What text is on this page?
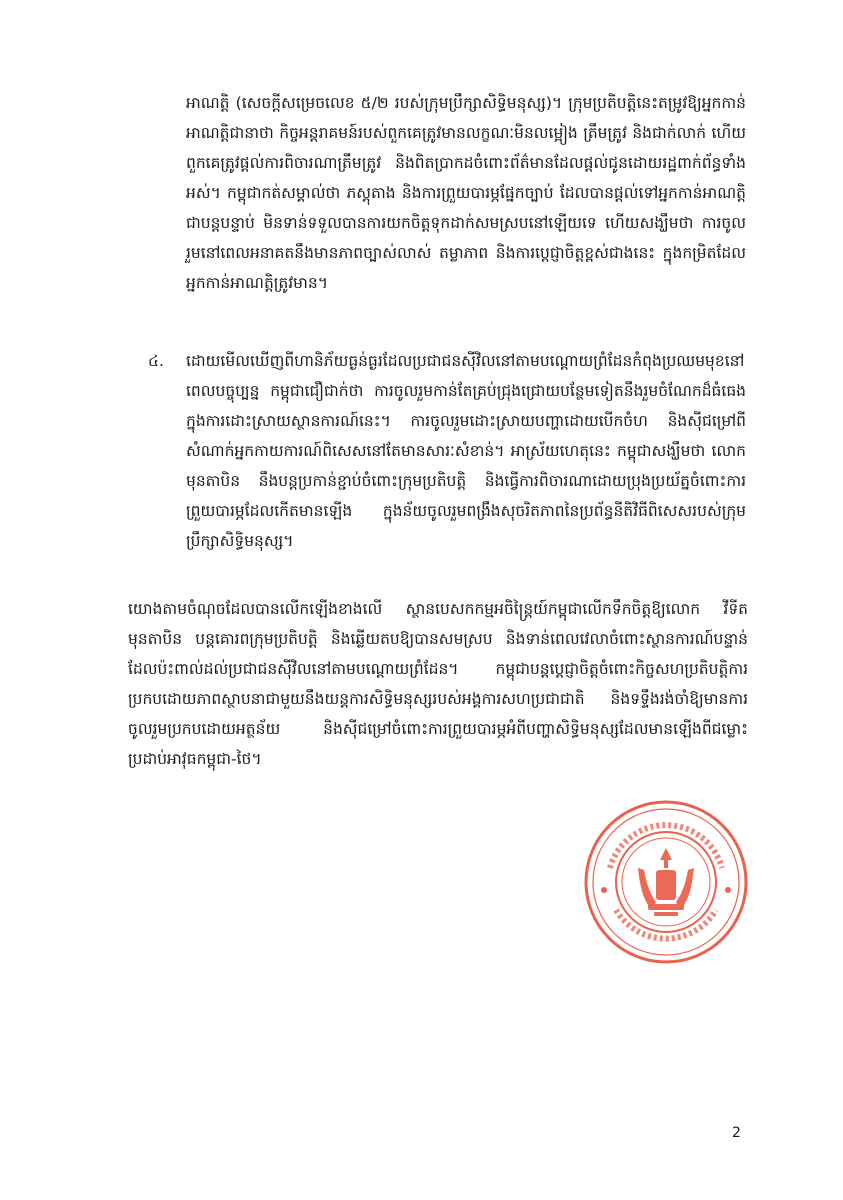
អាណត្តិ (សេចក្តីសម្រេចលេខ ៥/២ របស់ក្រុមប្រឹក្សាសិទ្ធិមនុស្ស)។ ក្រុមប្រតិបត្តិនេះតម្រូវឱ្យអ្នកកាន់អាណត្តិជានាថា កិច្ចអន្តរាគមន៍របស់ពួកគេត្រូវមានលក្ខណៈមិនលម្អៀង ត្រឹមត្រូវ និងជាក់លាក់ ហើយពួកគេត្រូវផ្តល់ការពិចារណាត្រឹមត្រូវ និងពិតប្រាកដចំពោះព័ត៌មានដែលផ្តល់ជូនដោយរដ្ឋពាក់ព័ន្ធទាំងអស់។ កម្ពុជាកត់សម្គាល់ថា ភស្តុតាង និងការព្រួយបារម្ភផ្នែកច្បាប់ ដែលបានផ្តល់ទៅអ្នកកាន់អាណត្តិជាបន្តបន្ទាប់ មិនទាន់ទទួលបានការយកចិត្តទុកដាក់សមស្របនៅឡើយទេ ហើយសង្ឃឹមថា ការចូលរួមនៅពេលអនាគតនឹងមានភាពច្បាស់លាស់ តម្លាភាព និងការប្តេជ្ញាចិត្តខ្ពស់ជាងនេះ ក្នុងកម្រិតដែលអ្នកកាន់អាណត្តិត្រូវមាន។

៤. ដោយមើលឃើញពីហានិភ័យធ្ងន់ធ្ងរដែលប្រជាជនស៊ីវិលនៅតាមបណ្តោយព្រំដែនកំពុងប្រឈមមុខនៅពេលបច្ចុប្បន្ន កម្ពុជាជឿជាក់ថា ការចូលរួមកាន់តែគ្រប់ជ្រុងជ្រោយបន្ថែមទៀតនឹងរួមចំណែកដ៏ធំធេងក្នុងការដោះស្រាយស្ថានការណ៍នេះ។ ការចូលរួមដោះស្រាយបញ្ហាដោយបើកចំហ និងស៊ីជម្រៅពីសំណាក់អ្នកកាយការណ៍ពិសេសនៅតែមានសារៈសំខាន់។ អាស្រ័យហេតុនេះ កម្ពុជាសង្ឃឹមថា លោក មុនតាបិន នឹងបន្តប្រកាន់ខ្ជាប់ចំពោះក្រុមប្រតិបត្តិ និងធ្វើការពិចារណាដោយប្រុងប្រយ័ត្នចំពោះការព្រួយបារម្ភដែលកើតមានឡើង ក្នុងន័យចូលរួមពង្រឹងសុចរិតភាពនៃប្រព័ន្ធនីតិវិធីពិសេសរបស់ក្រុមប្រឹក្សាសិទ្ធិមនុស្ស។

យោងតាមចំណុចដែលបានលើកឡើងខាងលើ ស្ថានបេសកកម្មអចិន្ត្រៃយ៍កម្ពុជាលើកទឹកចិត្តឱ្យលោក វីទីត មុនតាបិន បន្តគោរពក្រុមប្រតិបត្តិ និងឆ្លើយតបឱ្យបានសមស្រប និងទាន់ពេលវេលាចំពោះស្ថានការណ៍បន្ទាន់ដែលប៉ះពាល់ដល់ប្រជាជនស៊ីវិលនៅតាមបណ្តោយព្រំដែន។ កម្ពុជាបន្តប្តេជ្ញាចិត្តចំពោះកិច្ចសហប្រតិបត្តិការប្រកបដោយភាពស្ថាបនាជាមួយនឹងយន្តការសិទ្ធិមនុស្សរបស់អង្គការសហប្រជាជាតិ និងទទ្ទឹងរង់ចាំឱ្យមានការចូលរួមប្រកបដោយអត្ថន័យ និងស៊ីជម្រៅចំពោះការព្រួយបារម្ភអំពីបញ្ហាសិទ្ធិមនុស្សដែលមានឡើងពីជម្លោះប្រដាប់អាវុធកម្ពុជា-ថៃ។

2
